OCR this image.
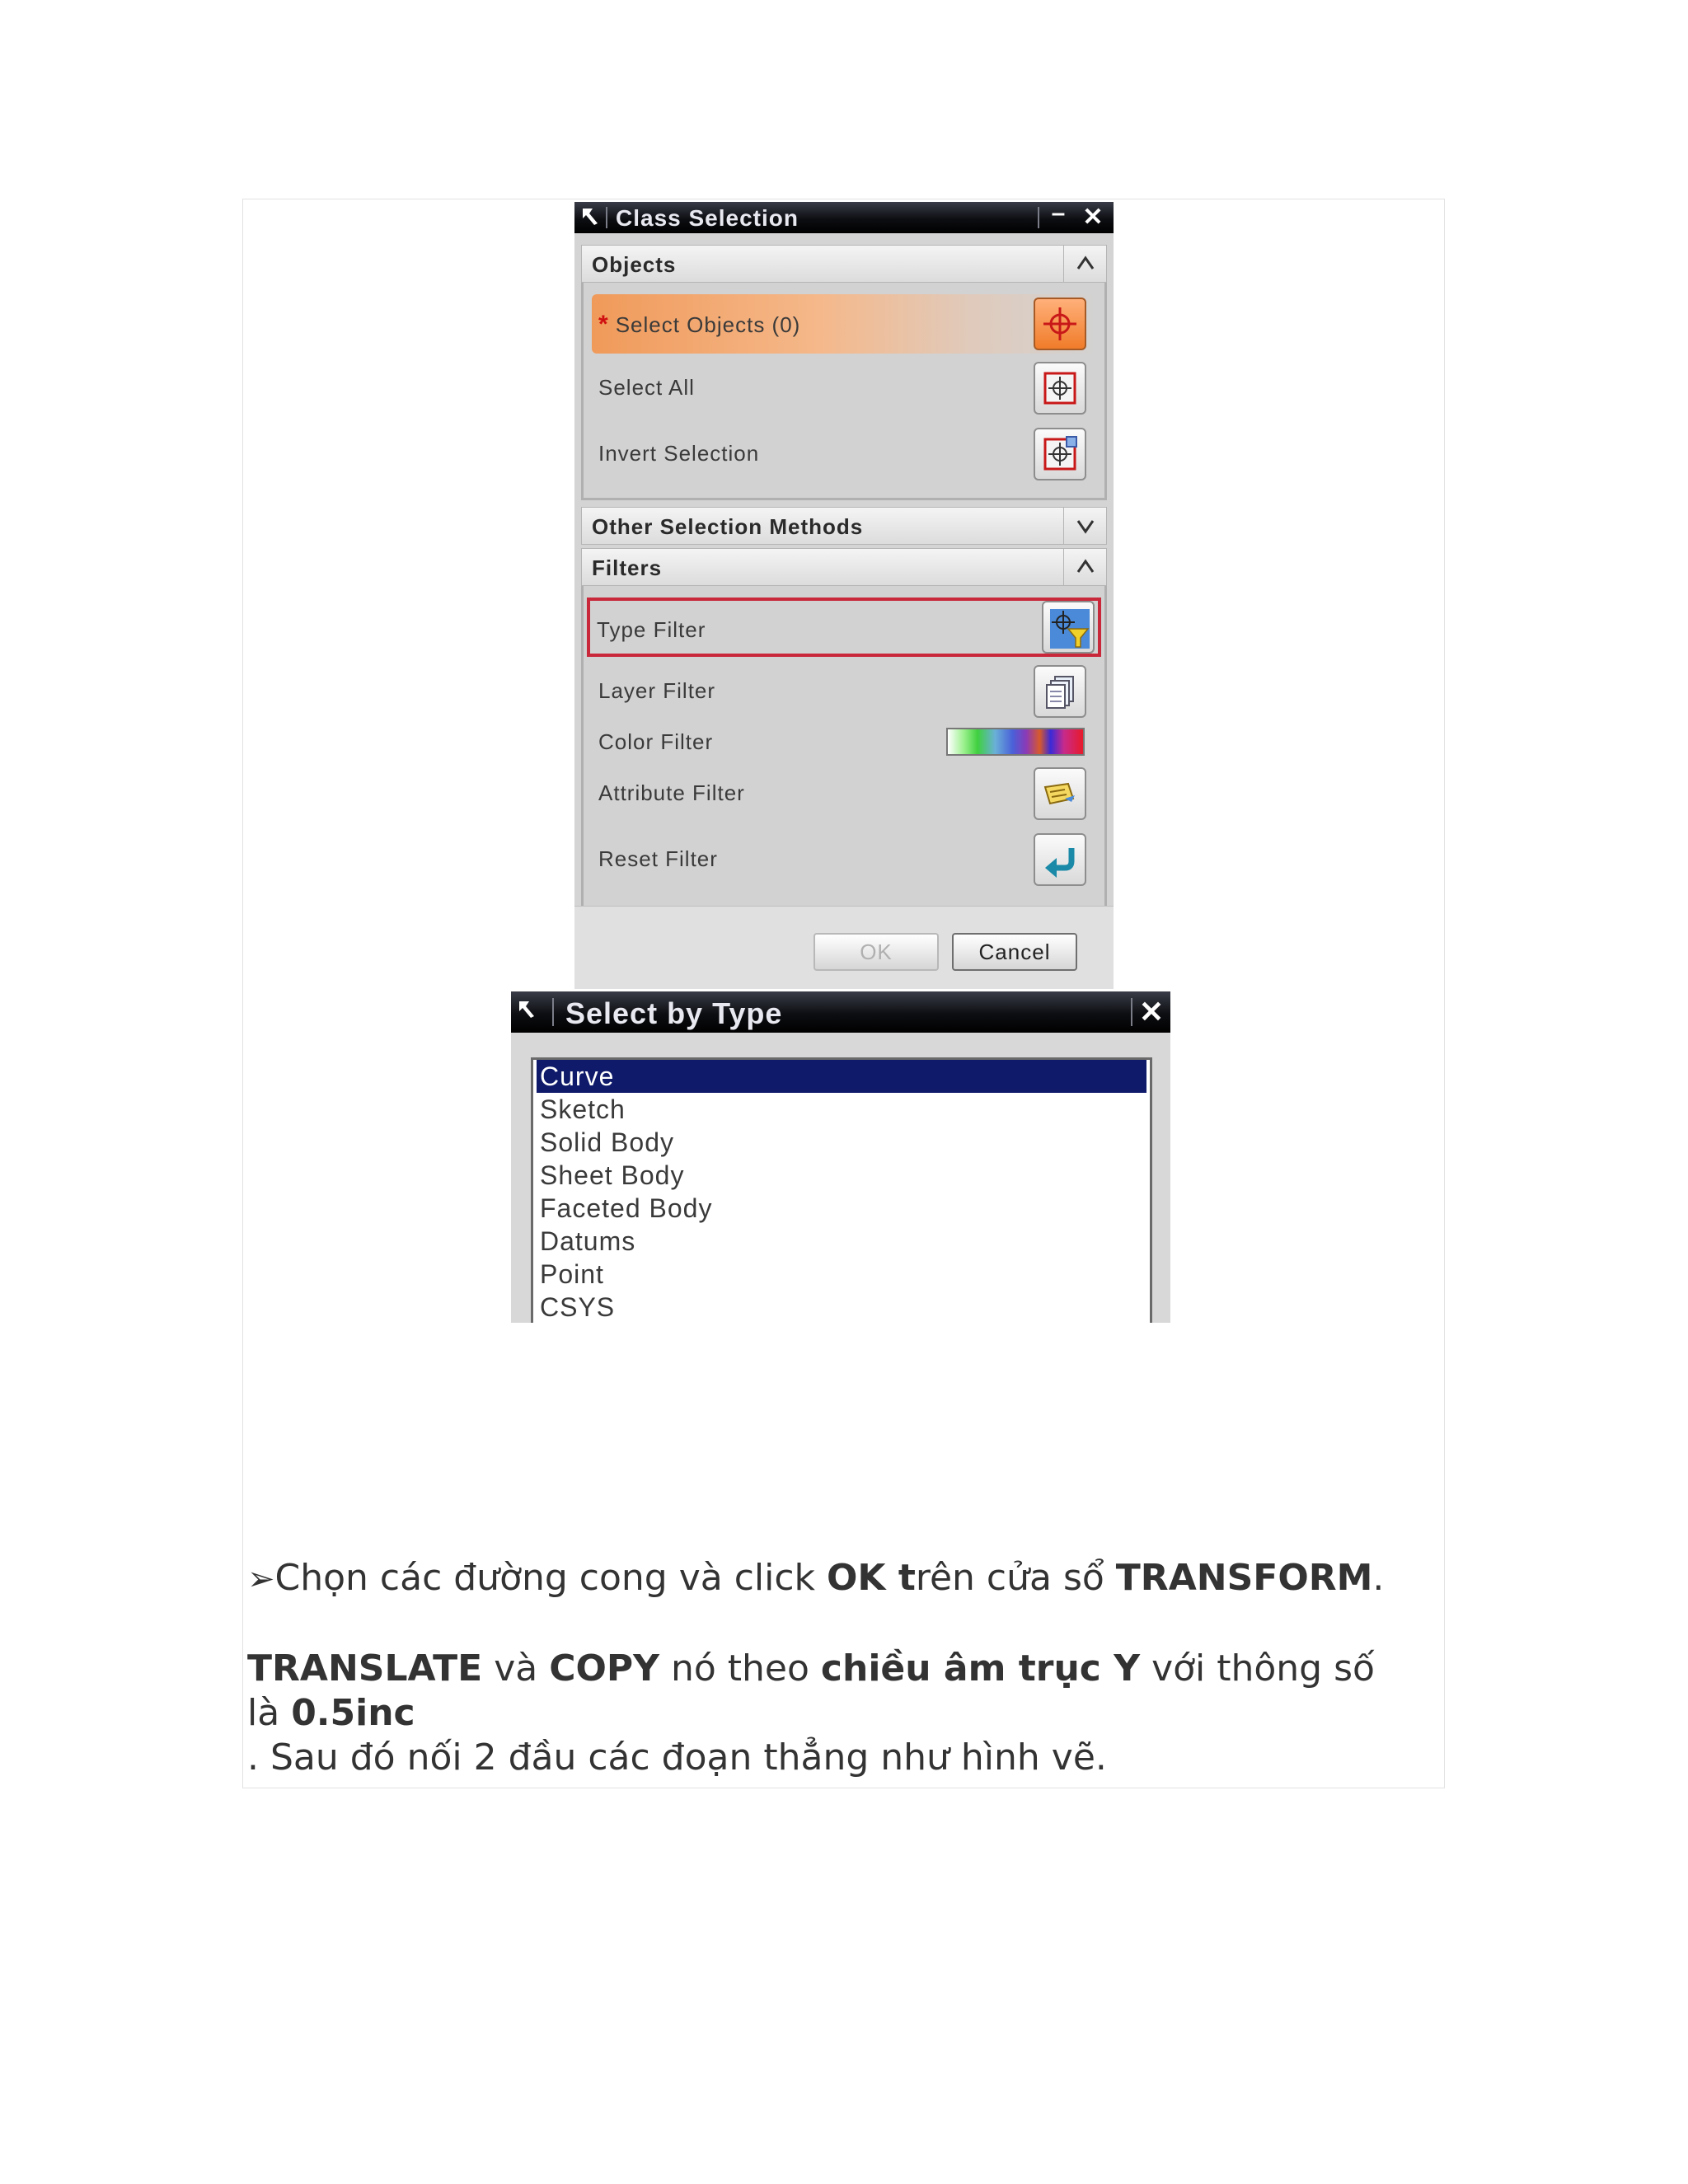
Class Selection	– ✕
Objects
* Select Objects (0)
Select All
Invert Selection
Other Selection Methods
Filters
Type Filter
Layer Filter
Color Filter
Attribute Filter
Reset Filter
OK	Cancel
Select by Type	✕
Curve
Sketch
Solid Body
Sheet Body
Faceted Body
Datums
Point
CSYS
➢Chọn các đường cong và click OK trên cửa sổ TRANSFORM.
TRANSLATE và COPY nó theo chiều âm trục Y với thông số
là 0.5inc
. Sau đó nối 2 đầu các đoạn thẳng như hình vẽ.
